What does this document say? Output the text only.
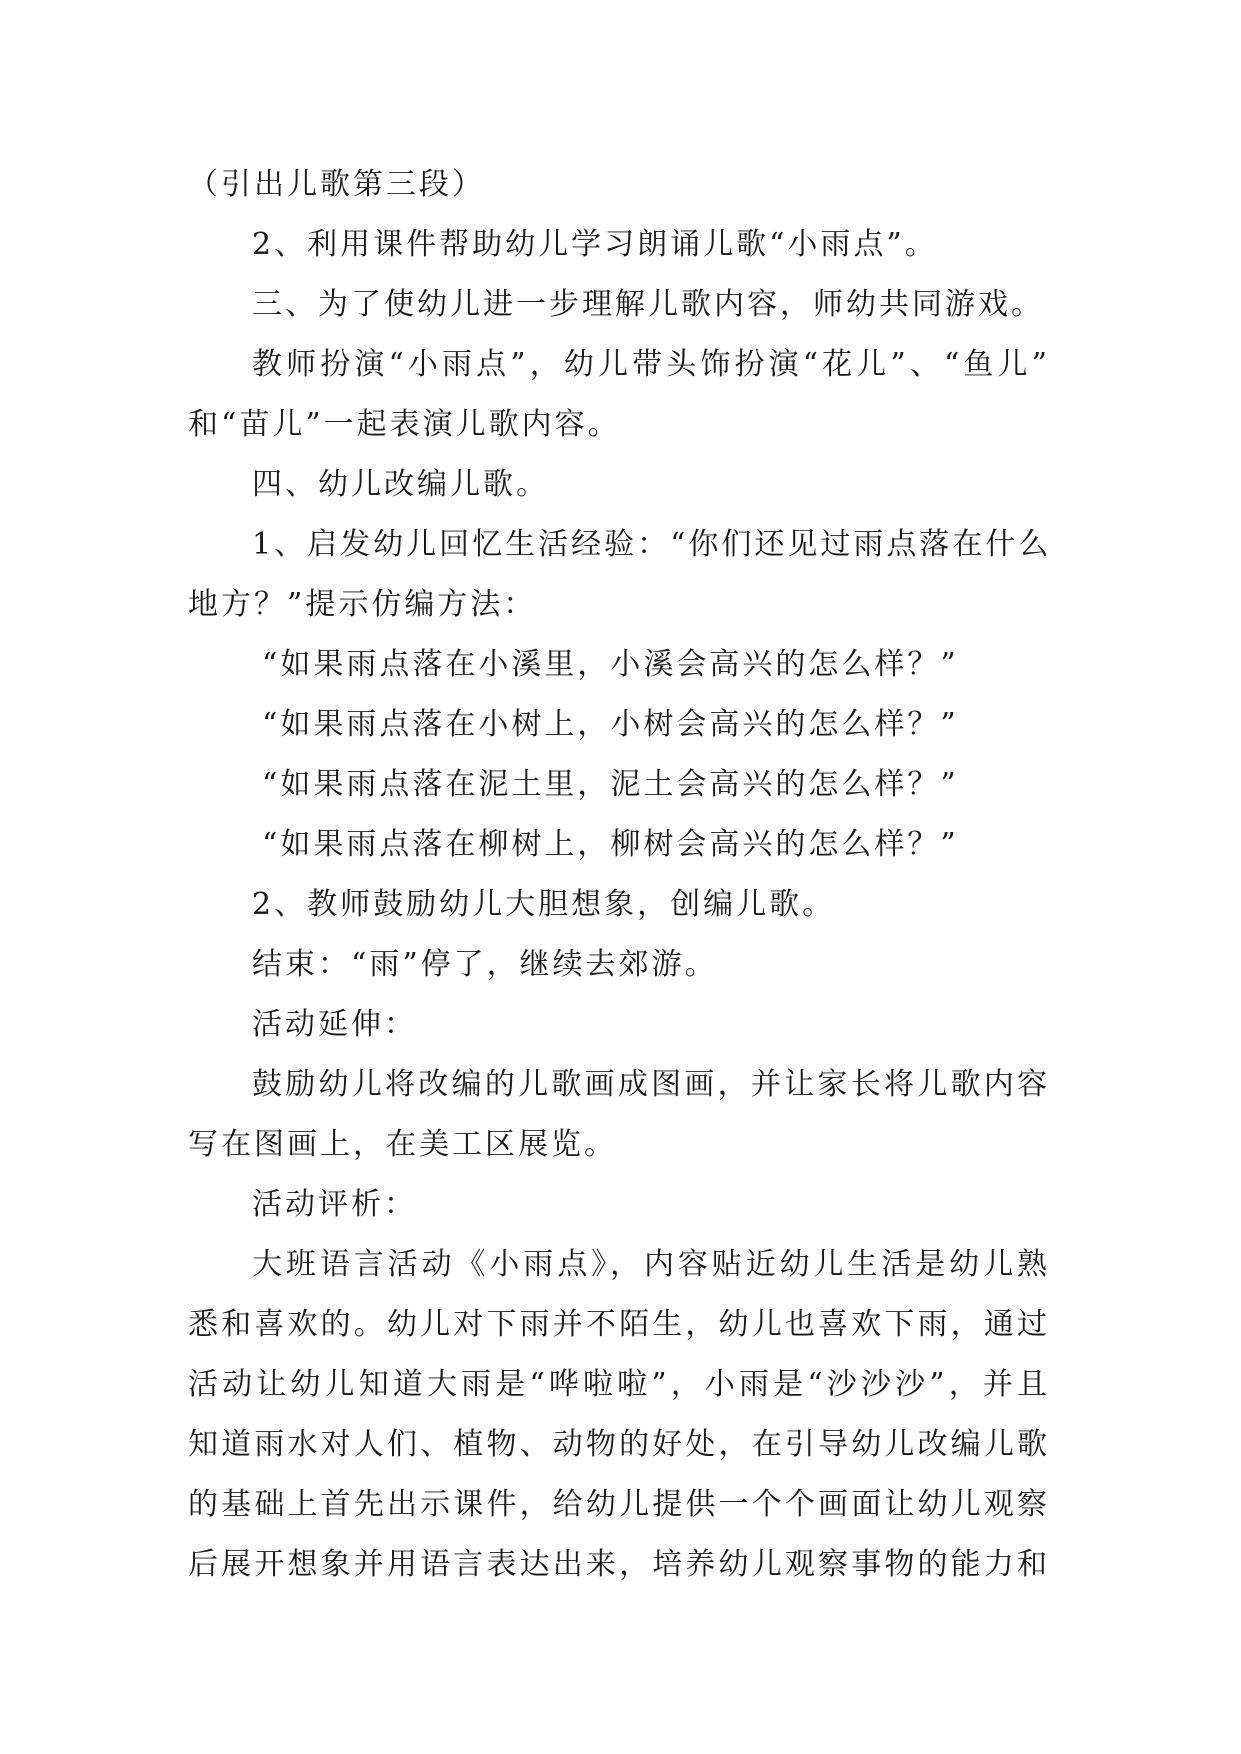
（引出儿歌第三段）
2、利用课件帮助幼儿学习朗诵儿歌“小雨点”。
三、为了使幼儿进一步理解儿歌内容，师幼共同游戏。
教师扮演“小雨点”，幼儿带头饰扮演“花儿”、“鱼儿”
和“苗儿”一起表演儿歌内容。
四、幼儿改编儿歌。
1、启发幼儿回忆生活经验：“你们还见过雨点落在什么
地方？”提示仿编方法：
“如果雨点落在小溪里，小溪会高兴的怎么样？”
“如果雨点落在小树上，小树会高兴的怎么样？”
“如果雨点落在泥土里，泥土会高兴的怎么样？”
“如果雨点落在柳树上，柳树会高兴的怎么样？”
2、教师鼓励幼儿大胆想象，创编儿歌。
结束：“雨”停了，继续去郊游。
活动延伸：
鼓励幼儿将改编的儿歌画成图画，并让家长将儿歌内容
写在图画上，在美工区展览。
活动评析：
大班语言活动《小雨点》，内容贴近幼儿生活是幼儿熟
悉和喜欢的。幼儿对下雨并不陌生，幼儿也喜欢下雨，通过
活动让幼儿知道大雨是“哗啦啦”，小雨是“沙沙沙”，并且
知道雨水对人们、植物、动物的好处，在引导幼儿改编儿歌
的基础上首先出示课件，给幼儿提供一个个画面让幼儿观察
后展开想象并用语言表达出来，培养幼儿观察事物的能力和
